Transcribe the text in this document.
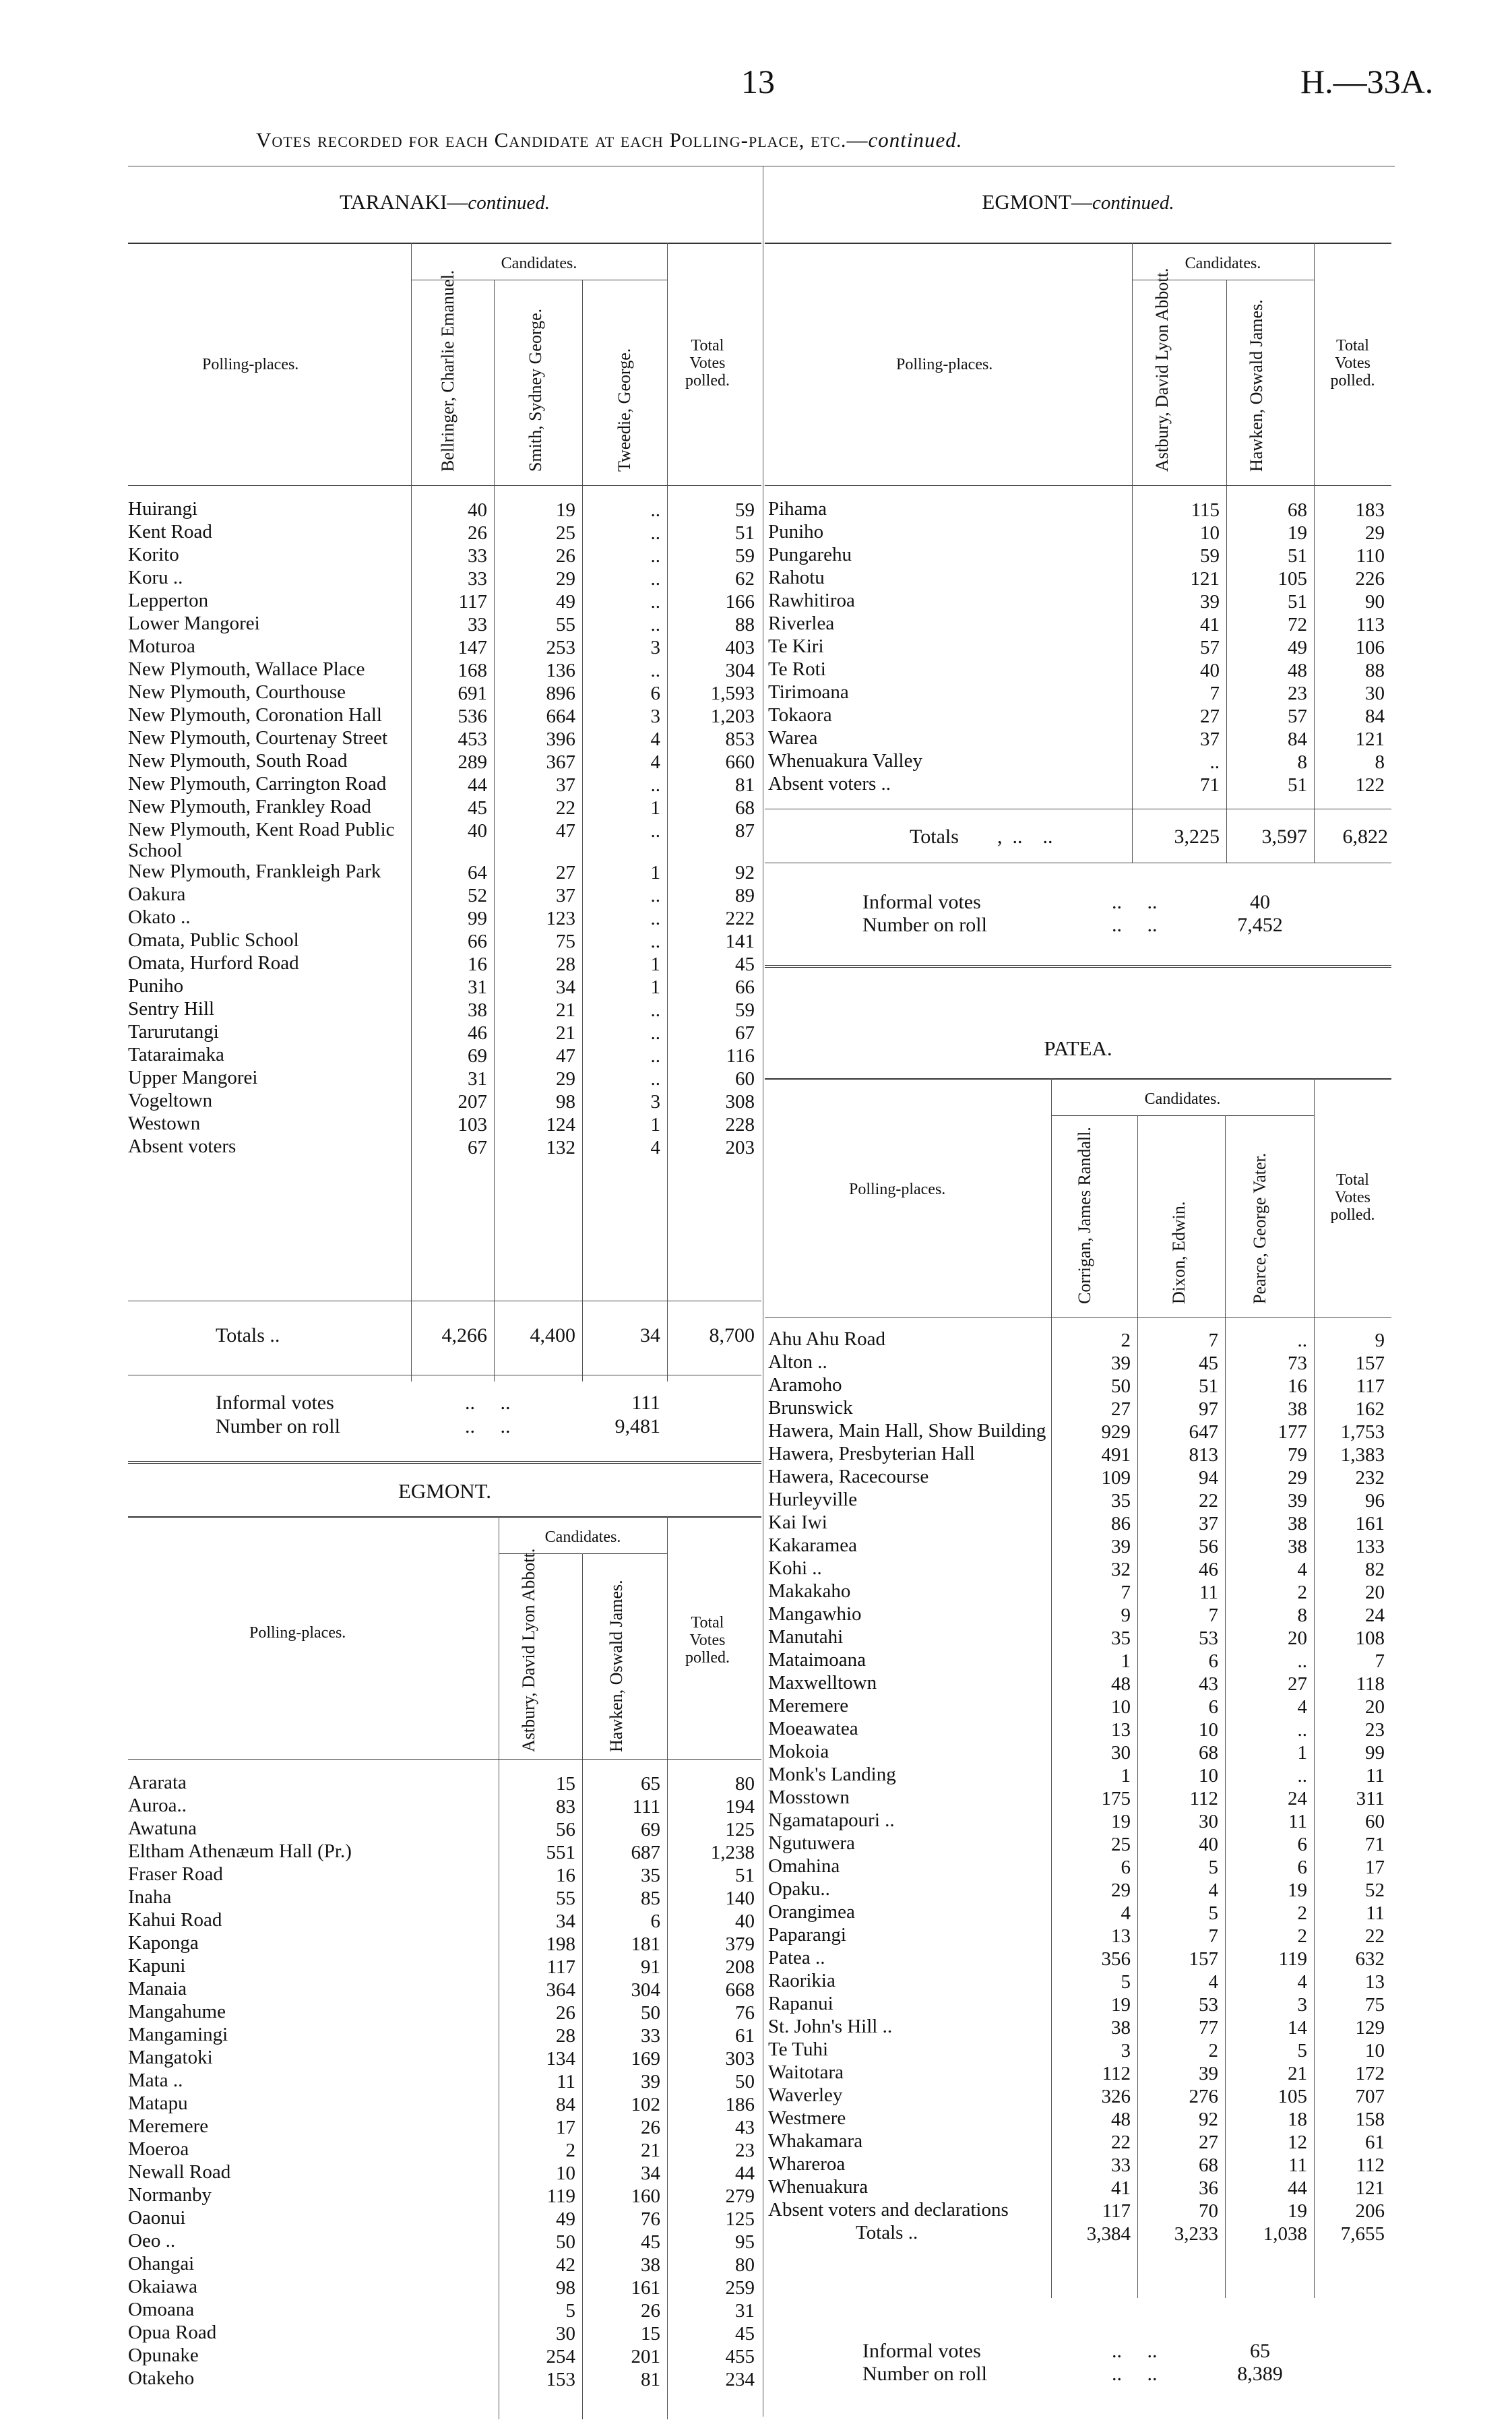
13	H.—33A.
Votes recorded for each Candidate at each Polling-place, etc.—continued.
TARANAKI—continued.
Candidates.
Polling-places.	Bellringer, Charlie Emanuel.	Smith, Sydney George.	Tweedie, George.
Total Votes polled.
Huirangi	40	19	..	59
Kent Road	26	25	..	51
Korito	33	26	..	59
Koru ..	33	29	..	62
Lepperton	117	49	..	166
Lower Mangorei	33	55	..	88
Moturoa	147	253	3	403
New Plymouth, Wallace Place	168	136	..	304
New Plymouth, Courthouse	691	896	6	1,593
New Plymouth, Coronation Hall	536	664	3	1,203
New Plymouth, Courtenay Street	453	396	4	853
New Plymouth, South Road	289	367	4	660
New Plymouth, Carrington Road	44	37	..	81
New Plymouth, Frankley Road	45	22	1	68
New Plymouth, Kent Road Public School	40	47	..	87
New Plymouth, Frankleigh Park	64	27	1	92
Oakura	52	37	..	89
Okato ..	99	123	..	222
Omata, Public School	66	75	..	141
Omata, Hurford Road	16	28	1	45
Puniho	31	34	1	66
Sentry Hill	38	21	..	59
Tarurutangi	46	21	..	67
Tataraimaka	69	47	..	116
Upper Mangorei	31	29	..	60
Vogeltown	207	98	3	308
Westown	103	124	1	228
Absent voters	67	132	4	203
Totals ..	4,266	4,400	34	8,700
Informal votes	..     ..	111
Number on roll	..     ..	9,481
EGMONT.
Candidates.
Polling-places.	Astbury, David Lyon Abbott.	Hawken, Oswald James.	Total Votes polled.
Ararata	15	65	80
Auroa..	83	111	194
Awatuna	56	69	125
Eltham Athenæum Hall (Pr.)	551	687	1,238
Fraser Road	16	35	51
Inaha	55	85	140
Kahui Road	34	6	40
Kaponga	198	181	379
Kapuni	117	91	208
Manaia	364	304	668
Mangahume	26	50	76
Mangamingi	28	33	61
Mangatoki	134	169	303
Mata ..	11	39	50
Matapu	84	102	186
Meremere	17	26	43
Moeroa	2	21	23
Newall Road	10	34	44
Normanby	119	160	279
Oaonui	49	76	125
Oeo ..	50	45	95
Ohangai	42	38	80
Okaiawa	98	161	259
Omoana	5	26	31
Opua Road	30	15	45
Opunake	254	201	455
Otakeho	153	81	234
EGMONT—continued.
Candidates.
Polling-places.	Astbury, David Lyon Abbott.	Hawken, Oswald James.	Total Votes polled.
Pihama	115	68	183
Puniho	10	19	29
Pungarehu	59	51	110
Rahotu	121	105	226
Rawhitiroa	39	51	90
Riverlea	41	72	113
Te Kiri	57	49	106
Te Roti	40	48	88
Tirimoana	7	23	30
Tokaora	27	57	84
Warea	37	84	121
Whenuakura Valley	..	8	8
Absent voters ..	71	51	122
Totals ,  ..    ..	3,225	3,597	6,822
Informal votes	..     ..	40
Number on roll	..     ..	7,452
PATEA.
Candidates.
Polling-places.	Corrigan, James Randall.	Dixon, Edwin.	Pearce, George Vater.	Total Votes polled.
Ahu Ahu Road	2	7	..	9
Alton ..	39	45	73	157
Aramoho	50	51	16	117
Brunswick	27	97	38	162
Hawera, Main Hall, Show Building	929	647	177	1,753
Hawera, Presbyterian Hall	491	813	79	1,383
Hawera, Racecourse	109	94	29	232
Hurleyville	35	22	39	96
Kai Iwi	86	37	38	161
Kakaramea	39	56	38	133
Kohi ..	32	46	4	82
Makakaho	7	11	2	20
Mangawhio	9	7	8	24
Manutahi	35	53	20	108
Mataimoana	1	6	..	7
Maxwelltown	48	43	27	118
Meremere	10	6	4	20
Moeawatea	13	10	..	23
Mokoia	30	68	1	99
Monk's Landing	1	10	..	11
Mosstown	175	112	24	311
Ngamatapouri ..	19	30	11	60
Ngutuwera	25	40	6	71
Omahina	6	5	6	17
Opaku..	29	4	19	52
Orangimea	4	5	2	11
Paparangi	13	7	2	22
Patea ..	356	157	119	632
Raorikia	5	4	4	13
Rapanui	19	53	3	75
St. John's Hill ..	38	77	14	129
Te Tuhi	3	2	5	10
Waitotara	112	39	21	172
Waverley	326	276	105	707
Westmere	48	92	18	158
Whakamara	22	27	12	61
Whareroa	33	68	11	112
Whenuakura	41	36	44	121
Absent voters and declarations	117	70	19	206
Totals ..	3,384	3,233	1,038	7,655
Informal votes	..     ..	65
Number on roll	..     ..	8,389
